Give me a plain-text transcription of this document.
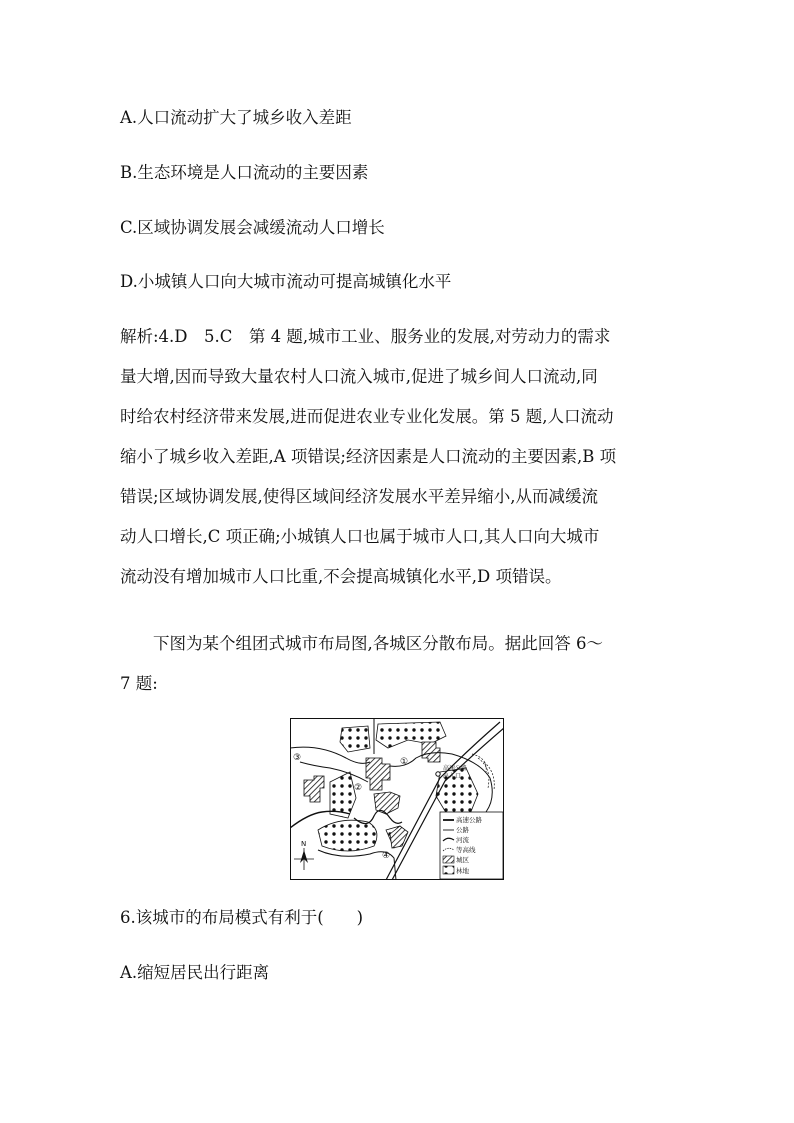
A.人口流动扩大了城乡收入差距
B.生态环境是人口流动的主要因素
C.区域协调发展会减缓流动人口增长
D.小城镇人口向大城市流动可提高城镇化水平
解析:4.D　5.C　第 4 题,城市工业、服务业的发展,对劳动力的需求
量大增,因而导致大量农村人口流入城市,促进了城乡间人口流动,同
时给农村经济带来发展,进而促进农业专业化发展。第 5 题,人口流动
缩小了城乡收入差距,A 项错误;经济因素是人口流动的主要因素,B 项
错误;区域协调发展,使得区域间经济发展水平差异缩小,从而减缓流
动人口增长,C 项正确;小城镇人口也属于城市人口,其人口向大城市
流动没有增加城市人口比重,不会提高城镇化水平,D 项错误。
　　下图为某个组团式城市布局图,各城区分散布局。据此回答 6～
7 题:
高速公路
出入口
③	①
②
④
N
高速公路
公路
河流
等高线
城区
林地
6.该城市的布局模式有利于(　　)
A.缩短居民出行距离
